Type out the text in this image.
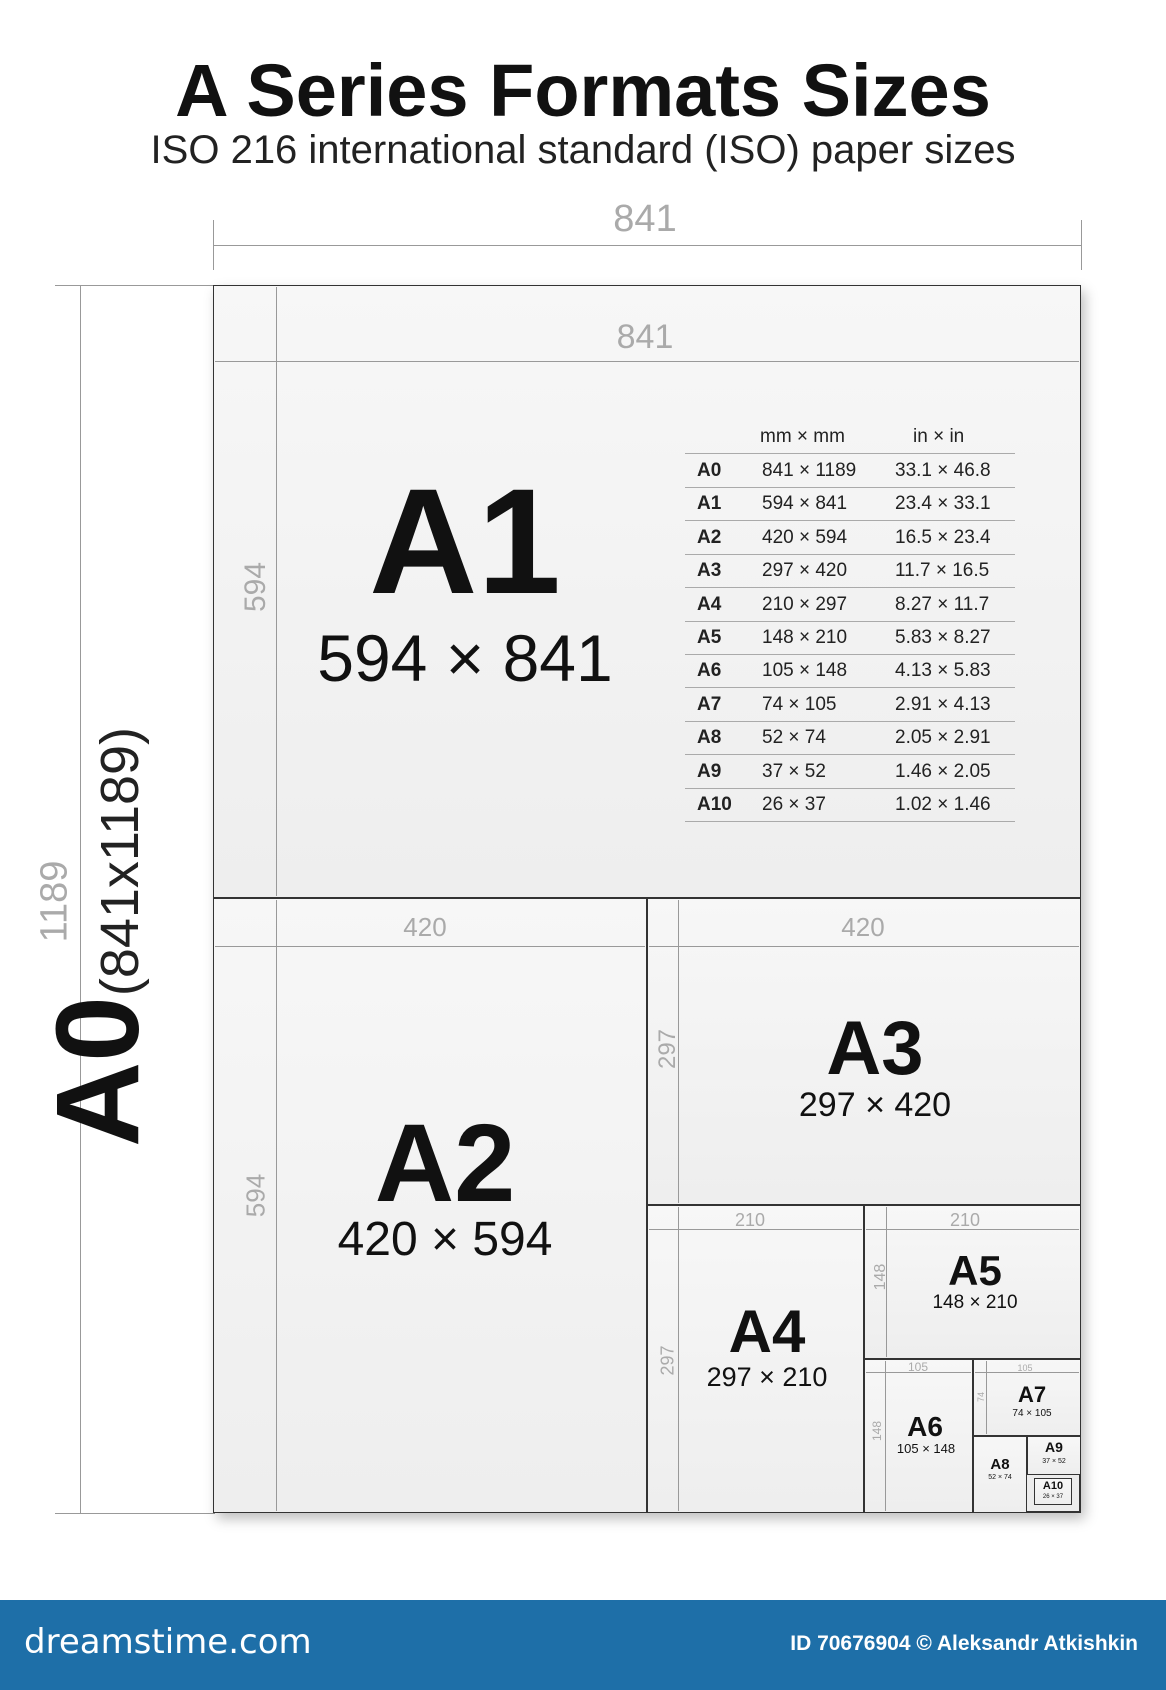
A Series Formats Sizes
ISO 216 international standard (ISO) paper sizes
841
1189
A0(841x1189)
841
594 A1
594 × 841
mm × mm	in × in
A0 841 × 1189 33.1 × 46.8
A1 594 × 841	23.4 × 33.1
A2 420 × 594	16.5 × 23.4
A3 297 × 420	11.7 × 16.5
A4 210 × 297	8.27 × 11.7
A5 148 × 210	5.83 × 8.27
A6 105 × 148	4.13 × 5.83
A7 74 × 105	2.91 × 4.13
A8 52 × 74	2.05 × 2.91
A9 37 × 52	1.46 × 2.05
A10 26 × 37	1.02 × 1.46
420
594 A2
420 × 594
420
297	A3
297 × 420
210
297 A4
297 × 210
210
148	A5
148 × 210
105
148 A6
105 × 148
105
74	A7
74 × 105
A8
52 × 74
A9
37 × 52
A10
26 × 37
dreamstime.com	ID 70676904 © Aleksandr Atkishkin
